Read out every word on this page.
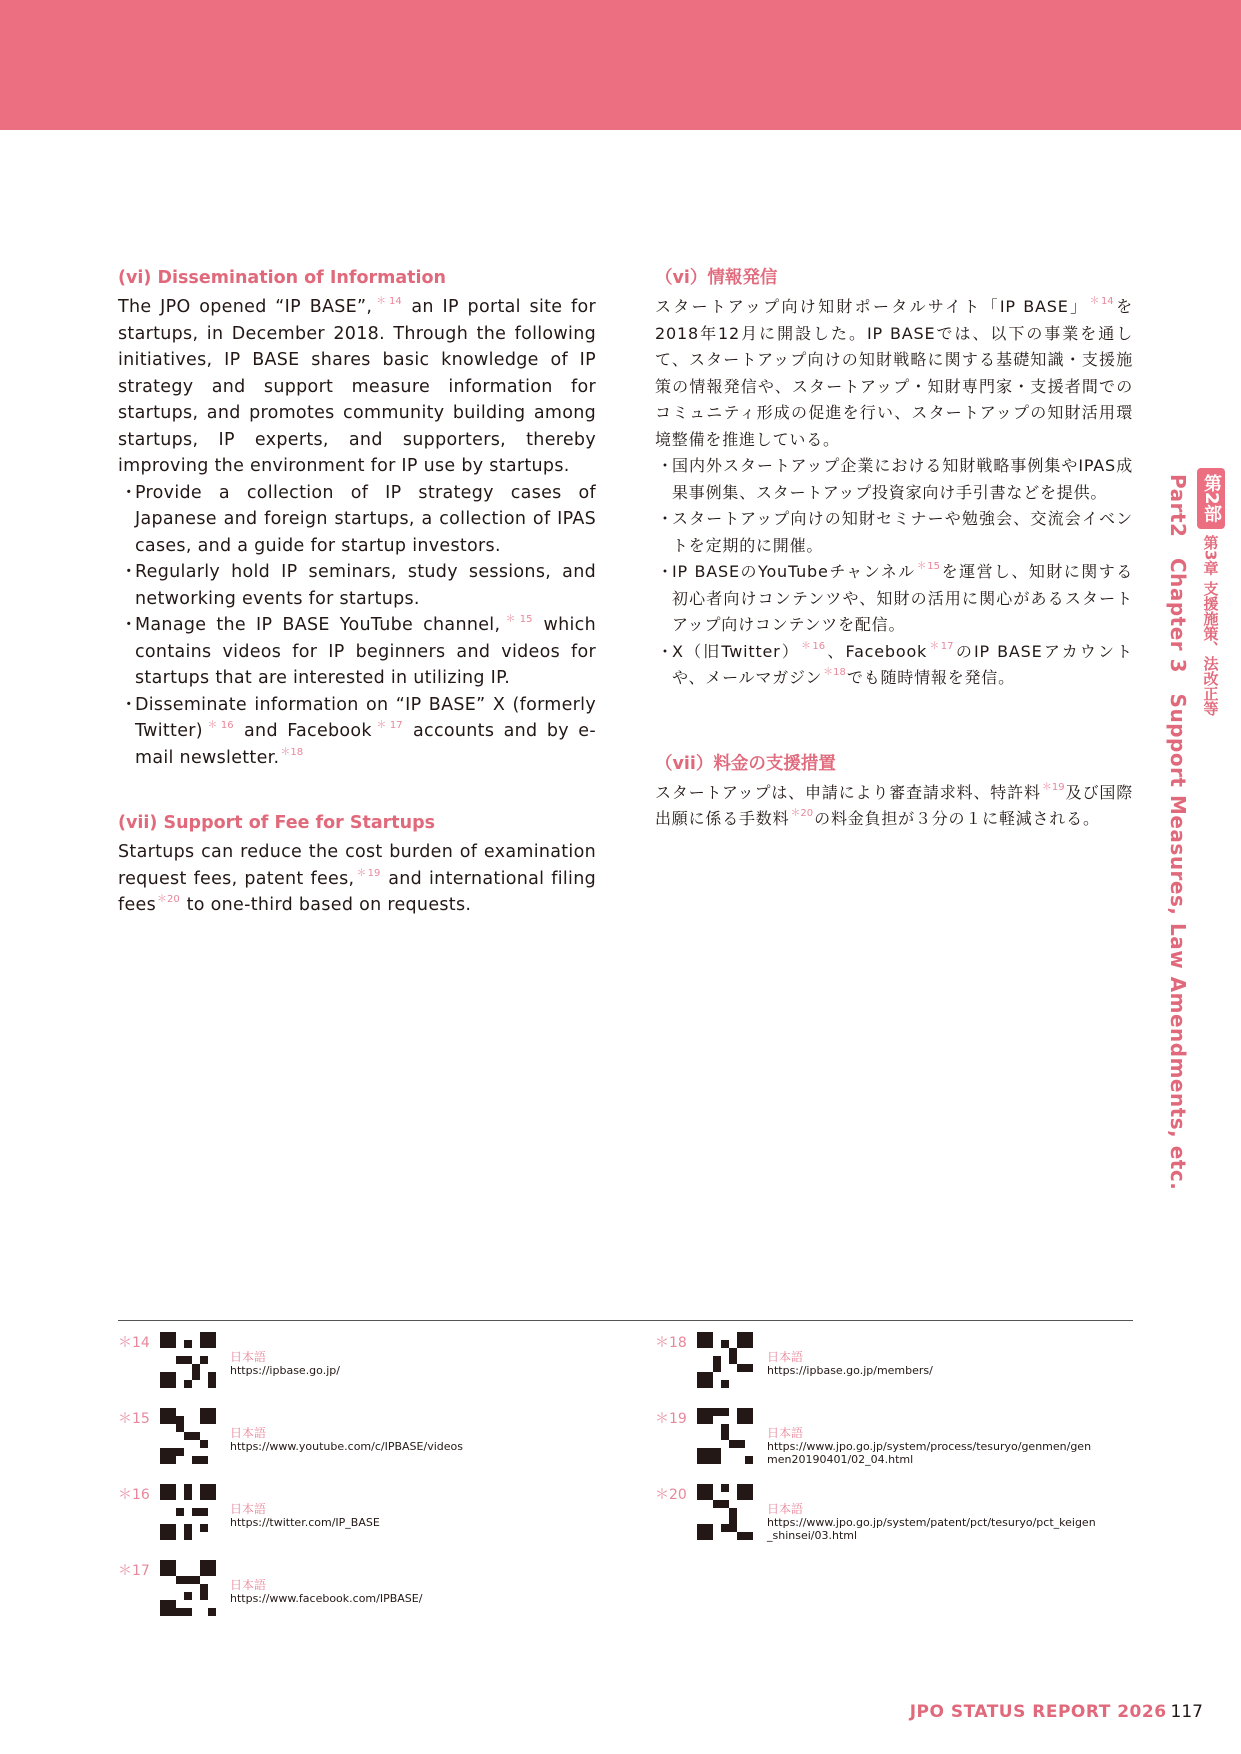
第2部
第3章
支援施策、法改正等
Part2　Chapter 3　Support Measures, Law Amendments, etc.
(vi) Dissemination of Information
The JPO opened “IP BASE”,$^{*14}$ an IP portal site for startups, in December 2018. Through the following initiatives, IP BASE shares basic knowledge of IP strategy and support measure information for startups, and promotes community building among startups, IP experts, and supporters, thereby improving the environment for IP use by startups.
・
Provide a collection of IP strategy cases of Japanese and foreign startups, a collection of IPAS cases, and a guide for startup investors.
・
Regularly hold IP seminars, study sessions, and networking events for startups.
・
Manage the IP BASE YouTube channel,$^{*15}$ which contains videos for IP beginners and videos for startups that are interested in utilizing IP.
・
Disseminate information on “IP BASE” X (formerly Twitter)$^{*16}$ and Facebook$^{*17}$ accounts and by e-mail newsletter.$^{*18}$
(vii) Support of Fee for Startups
Startups can reduce the cost burden of examination request fees, patent fees,$^{*19}$ and international filing fees$^{*20}$ to one-third based on requests.
（vi）情報発信
スタートアップ向け知財ポータルサイト「IP BASE」$^{*14}$を2018年12月に開設した。IP BASEでは、以下の事業を通して、スタートアップ向けの知財戦略に関する基礎知識・支援施策の情報発信や、スタートアップ・知財専門家・支援者間でのコミュニティ形成の促進を行い、スタートアップの知財活用環境整備を推進している。
・
国内外スタートアップ企業における知財戦略事例集やIPAS成果事例集、スタートアップ投資家向け手引書などを提供。
・
スタートアップ向けの知財セミナーや勉強会、交流会イベントを定期的に開催。
・
IP BASEのYouTubeチャンネル$^{*15}$を運営し、知財に関する初心者向けコンテンツや、知財の活用に関心があるスタートアップ向けコンテンツを配信。
・
X（旧Twitter）$^{*16}$、Facebook$^{*17}$のIP BASEアカウントや、メールマガジン$^{*18}$でも随時情報を発信。
（vii）料金の支援措置
スタートアップは、申請により審査請求料、特許料$^{*19}$及び国際出願に係る手数料$^{*20}$の料金負担が３分の１に軽減される。
＊14
日本語
https://ipbase.go.jp/
＊15
日本語
https://www.youtube.com/c/IPBASE/videos
＊16
日本語
https://twitter.com/IP_BASE
＊17
日本語
https://www.facebook.com/IPBASE/
＊18
日本語
https://ipbase.go.jp/members/
＊19
日本語
https://www.jpo.go.jp/system/process/tesuryo/genmen/genmen20190401/02_04.html
＊20
日本語
https://www.jpo.go.jp/system/patent/pct/tesuryo/pct_keigen_shinsei/03.html
JPO STATUS REPORT 2026 117
